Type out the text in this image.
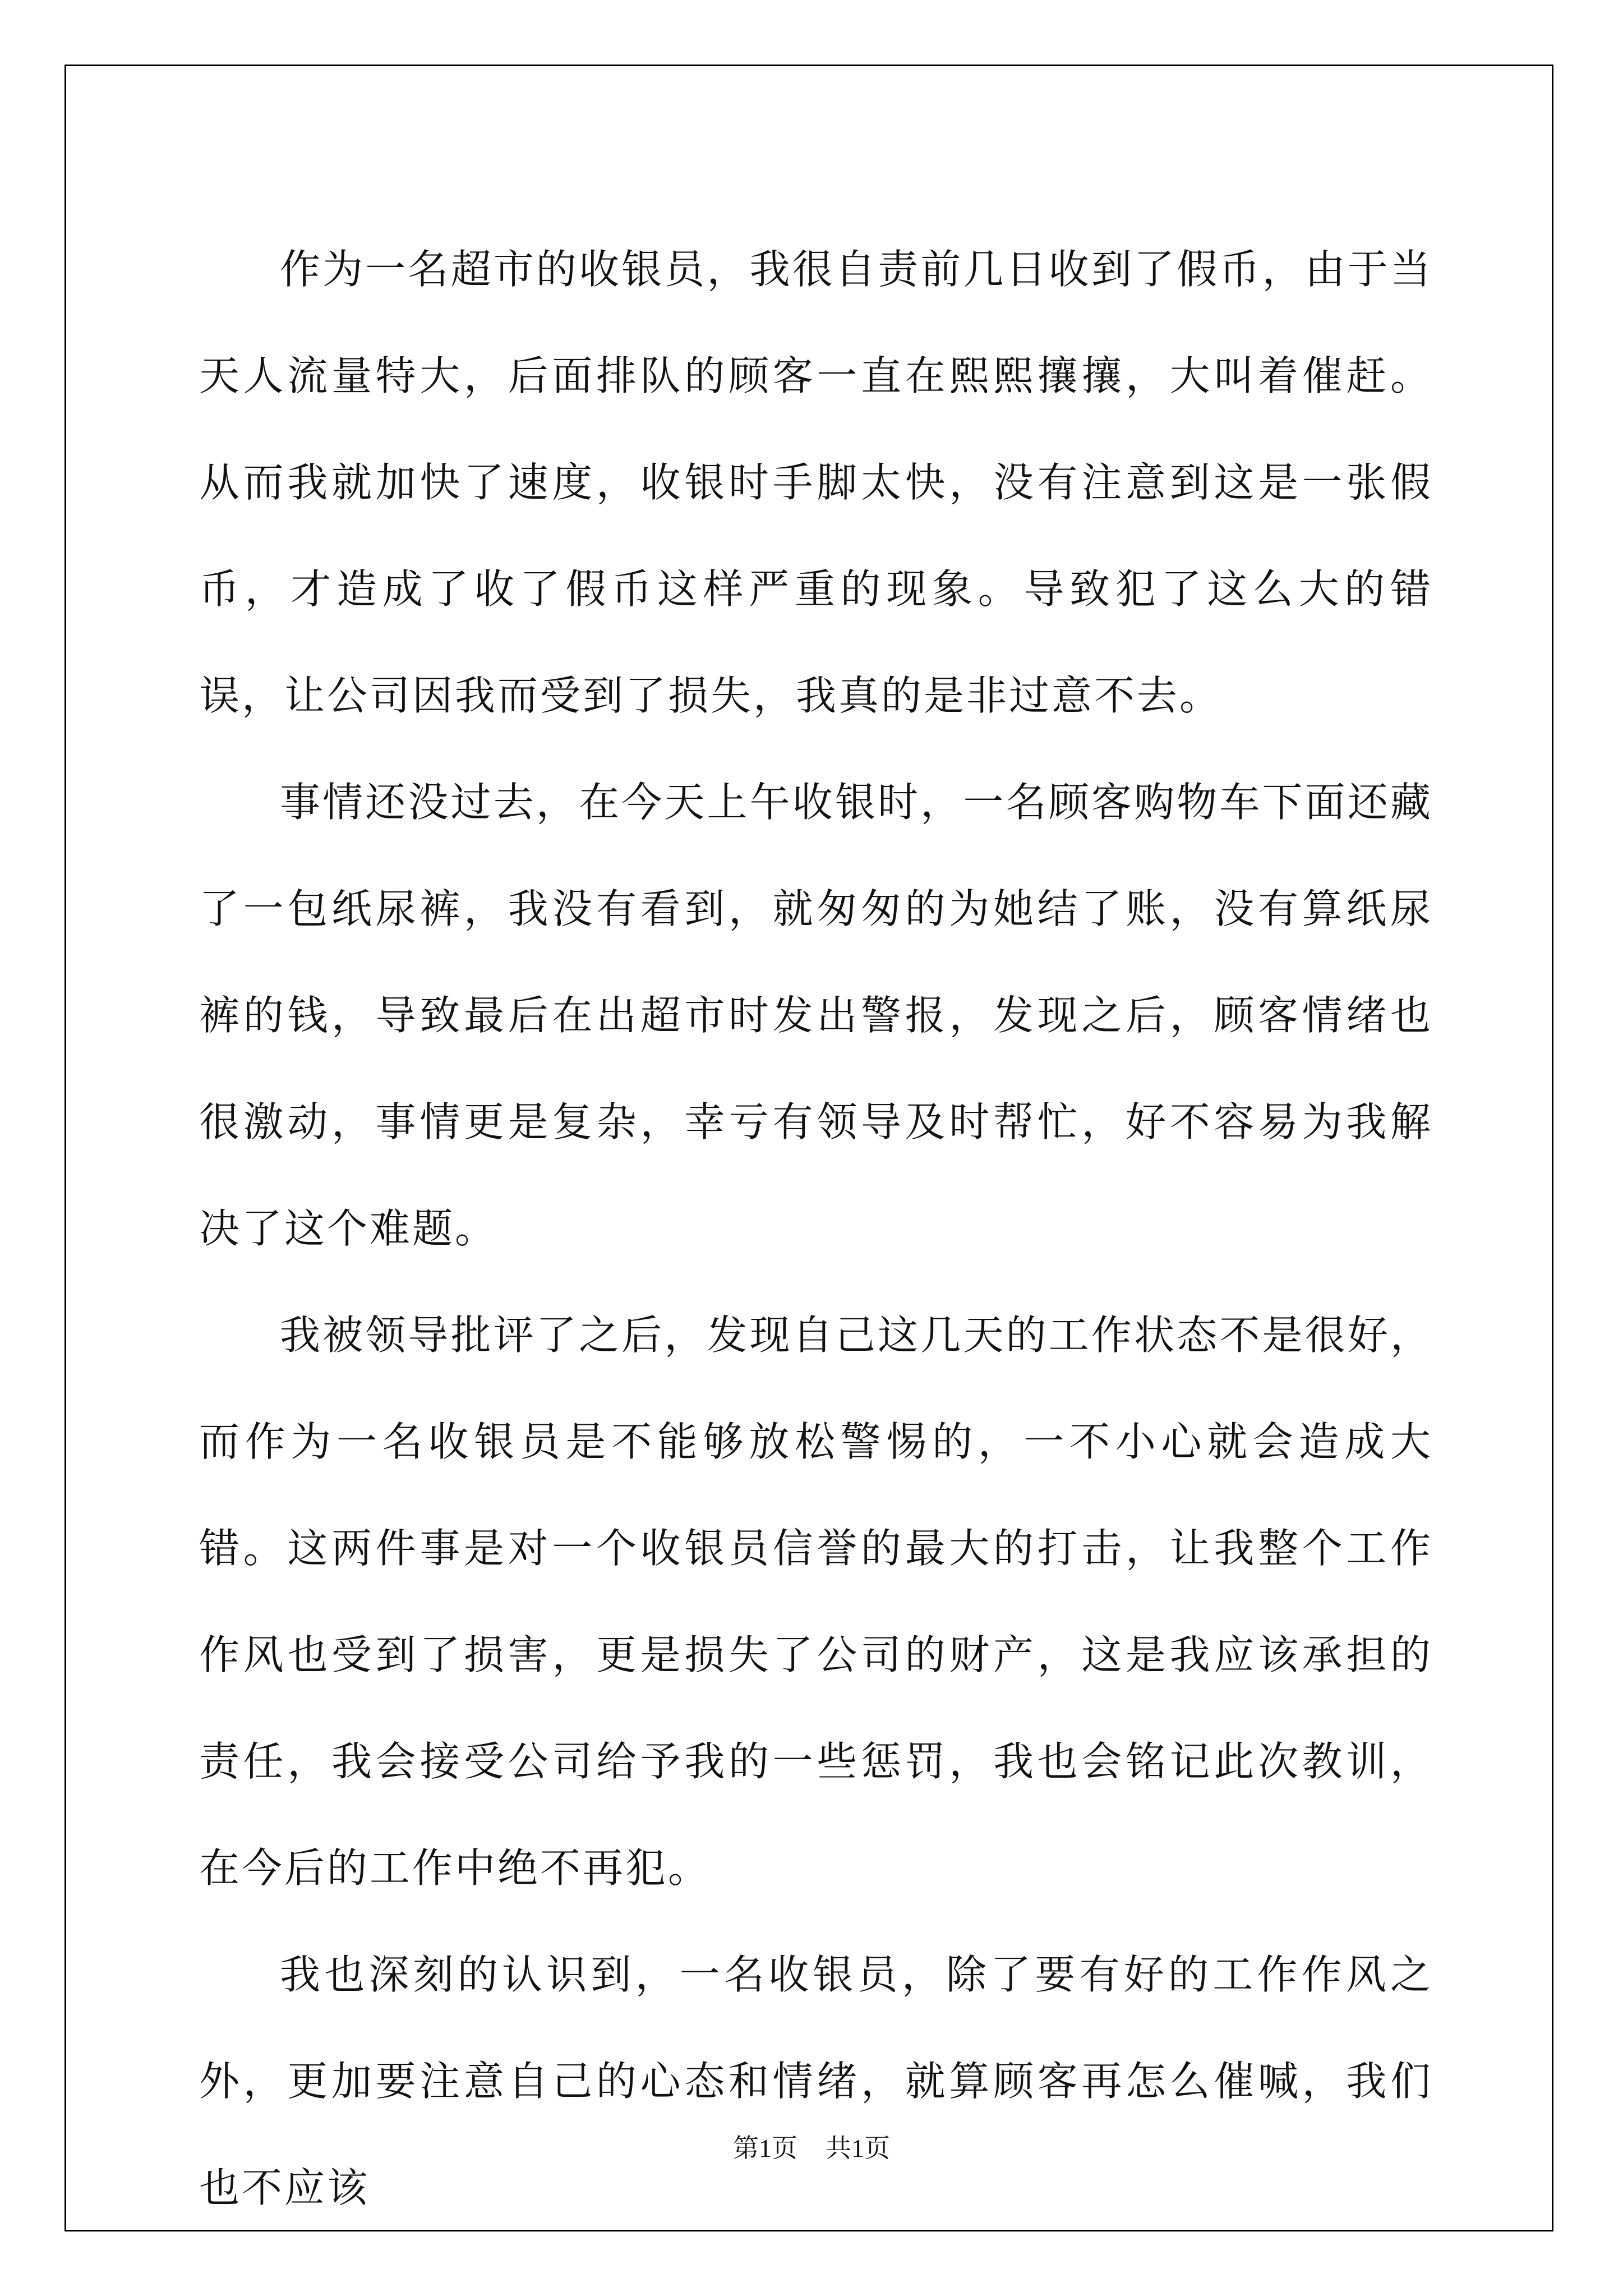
作为一名超市的收银员，我很自责前几日收到了假币，由于当天人流量特大，后面排队的顾客一直在熙熙攘攘，大叫着催赶。从而我就加快了速度，收银时手脚太快，没有注意到这是一张假币，才造成了收了假币这样严重的现象。导致犯了这么大的错误，让公司因我而受到了损失，我真的是非过意不去。

事情还没过去，在今天上午收银时，一名顾客购物车下面还藏了一包纸尿裤，我没有看到，就匆匆的为她结了账，没有算纸尿裤的钱，导致最后在出超市时发出警报，发现之后，顾客情绪也很激动，事情更是复杂，幸亏有领导及时帮忙，好不容易为我解决了这个难题。

我被领导批评了之后，发现自己这几天的工作状态不是很好，而作为一名收银员是不能够放松警惕的，一不小心就会造成大错。这两件事是对一个收银员信誉的最大的打击，让我整个工作作风也受到了损害，更是损失了公司的财产，这是我应该承担的责任，我会接受公司给予我的一些惩罚，我也会铭记此次教训，在今后的工作中绝不再犯。

我也深刻的认识到，一名收银员，除了要有好的工作作风之外，更加要注意自己的心态和情绪，就算顾客再怎么催喊，我们也不应该

第1页 共1页
